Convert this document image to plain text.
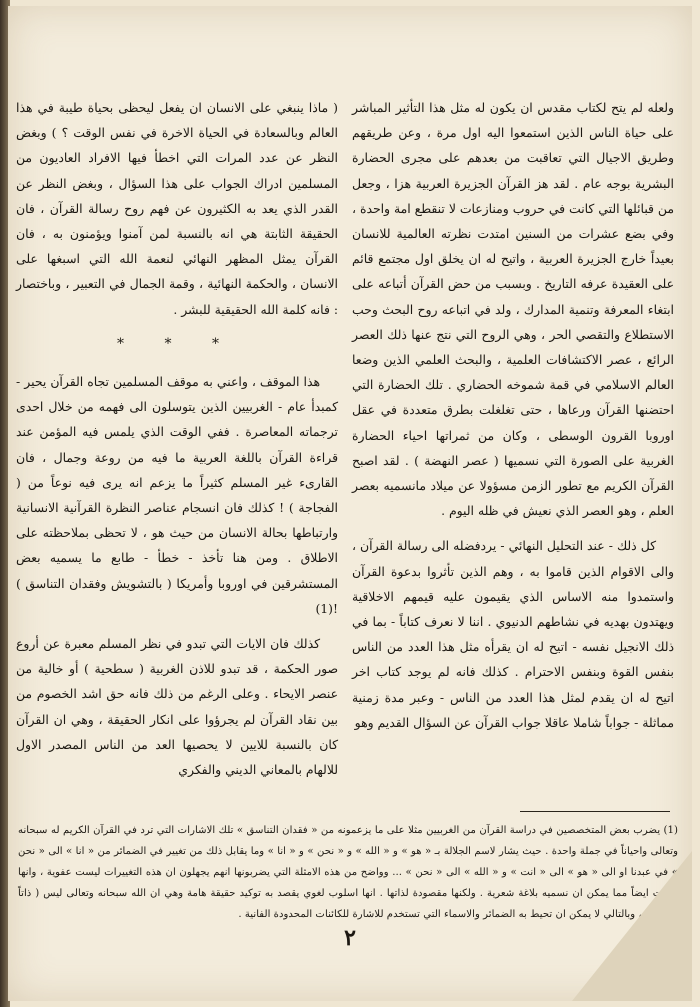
ولعله لم يتح لكتاب مقدس ان يكون له مثل هذا التأثير المباشر على حياة الناس الذين استمعوا اليه اول مرة ، وعن طريقهم وطريق الاجيال التي تعاقبت من بعدهم على مجرى الحضارة البشرية بوجه عام . لقد هز القرآن الجزيرة العربية هزا ، وجعل من قبائلها التي كانت في حروب ومنازعات لا تنقطع امة واحدة ، وفي بضع عشرات من السنين امتدت نظرته العالمية للانسان بعيداً خارج الجزيرة العربية ، واتيح له ان يخلق اول مجتمع قائم على العقيدة عرفه التاريخ . وبسبب من حض القرآن أتباعه على ابتغاء المعرفة وتنمية المدارك ، ولد في اتباعه روح البحث وحب الاستطلاع والتقصي الحر ، وهي الروح التي نتج عنها ذلك العصر الرائع ، عصر الاكتشافات العلمية ، والبحث العلمي الذين وضعا العالم الاسلامي في قمة شموخه الحضاري . تلك الحضارة التي احتضنها القرآن ورعاها ، حتى تغلغلت بطرق متعددة في عقل اوروبا القرون الوسطى ، وكان من ثمراتها احياء الحضارة الغربية على الصورة التي نسميها ( عصر النهضة ) . لقد اصبح القرآن الكريم مع تطور الزمن مسؤولا عن ميلاد مانسميه بعصر العلم ، وهو العصر الذي نعيش في ظله اليوم .

كل ذلك - عند التحليل النهائي - يردفضله الى رسالة القرآن ، والى الاقوام الذين قاموا به ، وهم الذين تأثروا بدعوة القرآن واستمدوا منه الاساس الذي يقيمون عليه قيمهم الاخلاقية ويهتدون بهديه في نشاطهم الدنيوي . اننا لا نعرف كتاباً - بما في ذلك الانجيل نفسه - اتيح له ان يقرأه مثل هذا العدد من الناس بنفس القوة وبنفس الاحترام . كذلك فانه لم يوجد كتاب اخر اتيح له ان يقدم لمثل هذا العدد من الناس - وعبر مدة زمنية مماثلة - جواباً شاملا عاقلا جواب القرآن عن السؤال القديم وهو

( ماذا ينبغي على الانسان ان يفعل ليحظى بحياة طيبة في هذا العالم وبالسعادة في الحياة الاخرة في نفس الوقت ؟ ) وبغض النظر عن عدد المرات التي اخطأ فيها الافراد العاديون من المسلمين ادراك الجواب على هذا السؤال ، وبغض النظر عن القدر الذي يعد به الكثيرون عن فهم روح رسالة القرآن ، فان الحقيقة الثابتة هي انه بالنسبة لمن آمنوا ويؤمنون به ، فان القرآن يمثل المظهر النهائي لنعمة الله التي اسبغها على الانسان ، والحكمة النهائية ، وقمة الجمال في التعبير ، وباختصار : فانه كلمة الله الحقيقية للبشر .

* * *

هذا الموقف ، واعني به موقف المسلمين تجاه القرآن يحير - كمبدأ عام - الغربيين الذين يتوسلون الى فهمه من خلال احدى ترجماته المعاصرة . ففي الوقت الذي يلمس فيه المؤمن عند قراءة القرآن باللغة العربية ما فيه من روعة وجمال ، فان القارىء غير المسلم كثيراً ما يزعم انه يرى فيه نوعاً من ( الفجاجة ) ! كذلك فان انسجام عناصر النظرة القرآنية الانسانية وارتباطها بحالة الانسان من حيث هو ، لا تحظى بملاحظته على الاطلاق . ومن هنا تأخذ - خطأ - طابع ما يسميه بعض المستشرقين في اوروبا وأمريكا ( بالتشويش وفقدان التناسق ) !(1)

كذلك فان الايات التي تبدو في نظر المسلم معبرة عن أروع صور الحكمة ، قد تبدو للاذن الغربية ( سطحية ) أو خالية من عنصر الايحاء . وعلى الرغم من ذلك فانه حق اشد الخصوم من بين نقاد القرآن لم يجرؤوا على انكار الحقيقة ، وهي ان القرآن كان بالنسبة للايين لا يحصيها العد من الناس المصدر الاول للالهام بالمعاني الديني والفكري

(1) يضرب بعض المتخصصين في دراسة القرآن من الغربيين مثلا على ما يزعمونه من « فقدان التناسق » تلك الاشارات التي ترد في القرآن الكريم له سبحانه وتعالى واحياناً في جملة واحدة . حيث يشار لاسم الجلالة بـ « هو » و « الله » و « نحن » و « انا » وما يقابل ذلك من تغيير في الضمائر من « انا » الى « نحن » في عبدنا او الى « هو » الى « انت » و « الله » الى « نحن » ... وواضح من هذه الامثلة التي يضربونها انهم يجهلون ان هذه التغييرات ليست عفوية ، وانها ليست ايضاً مما يمكن ان نسميه بلاغة شعرية . ولكنها مقصودة لذاتها . انها اسلوب لغوي يقصد به توكيد حقيقة هامة وهي ان الله سبحانه وتعالى ليس ( ذاتاً بشرية ) ، وبالتالي لا يمكن ان تحيط به الضمائر والاسماء التي تستخدم للاشارة للكائنات المحدودة الفانية .
٢
